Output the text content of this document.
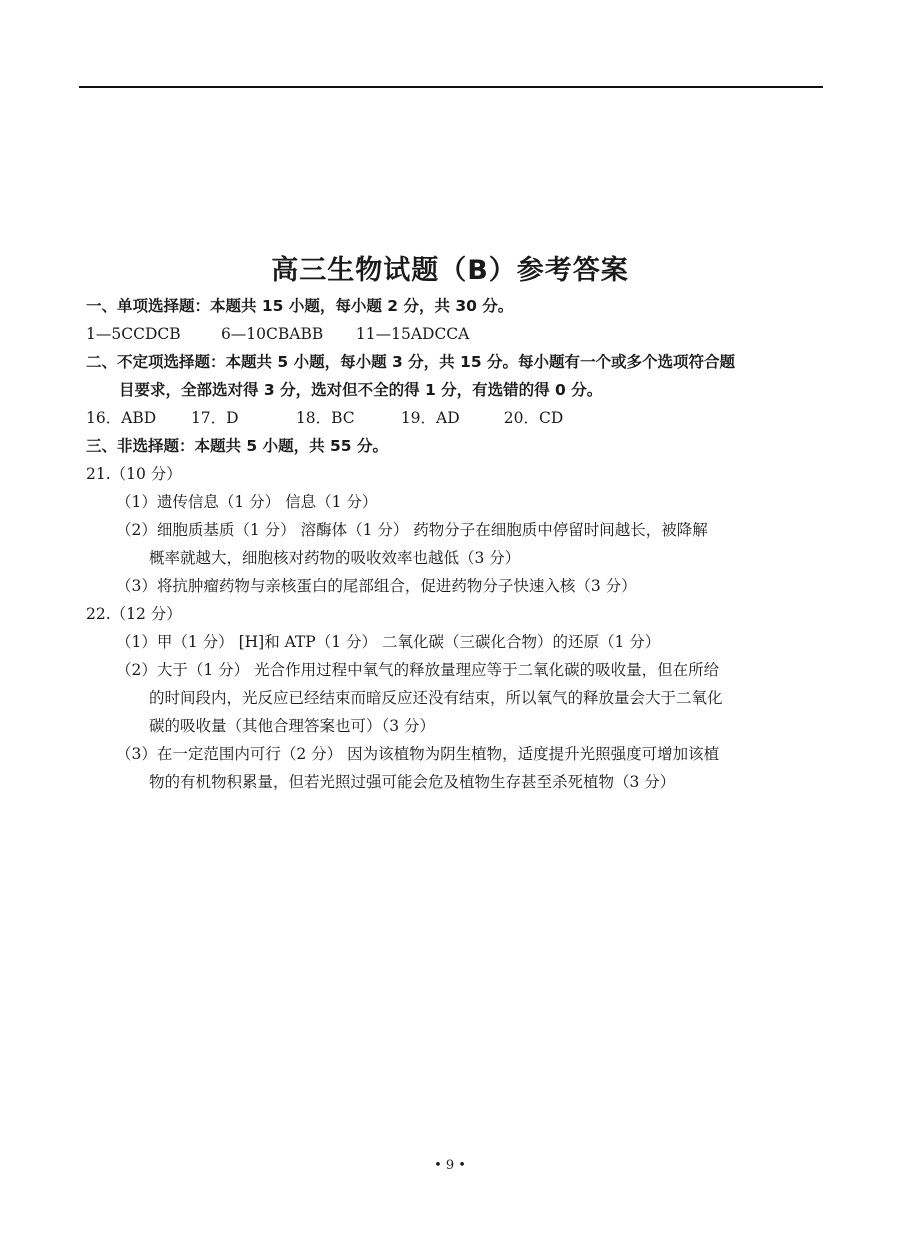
高三生物试题（B）参考答案
一、单项选择题：本题共 15 小题，每小题 2 分，共 30 分。
1—5CCDCB	6—10CBABB 11—15ADCCA
二、不定项选择题：本题共 5 小题，每小题 3 分，共 15 分。每小题有一个或多个选项符合题
目要求，全部选对得 3 分，选对但不全的得 1 分，有选错的得 0 分。
16．ABD 17．D	18．BC	19．AD	20．CD
三、非选择题：本题共 5 小题，共 55 分。
21.（10 分）
（1）遗传信息（1 分） 信息（1 分）
（2）细胞质基质（1 分） 溶酶体（1 分） 药物分子在细胞质中停留时间越长，被降解
概率就越大，细胞核对药物的吸收效率也越低（3 分）
（3）将抗肿瘤药物与亲核蛋白的尾部组合，促进药物分子快速入核（3 分）
22.（12 分）
（1）甲（1 分） [H]和 ATP（1 分） 二氧化碳（三碳化合物）的还原（1 分）
（2）大于（1 分） 光合作用过程中氧气的释放量理应等于二氧化碳的吸收量，但在所给
的时间段内，光反应已经结束而暗反应还没有结束，所以氧气的释放量会大于二氧化
碳的吸收量（其他合理答案也可）（3 分）
（3）在一定范围内可行（2 分） 因为该植物为阴生植物，适度提升光照强度可增加该植
物的有机物积累量，但若光照过强可能会危及植物生存甚至杀死植物（3 分）
• 9 •
